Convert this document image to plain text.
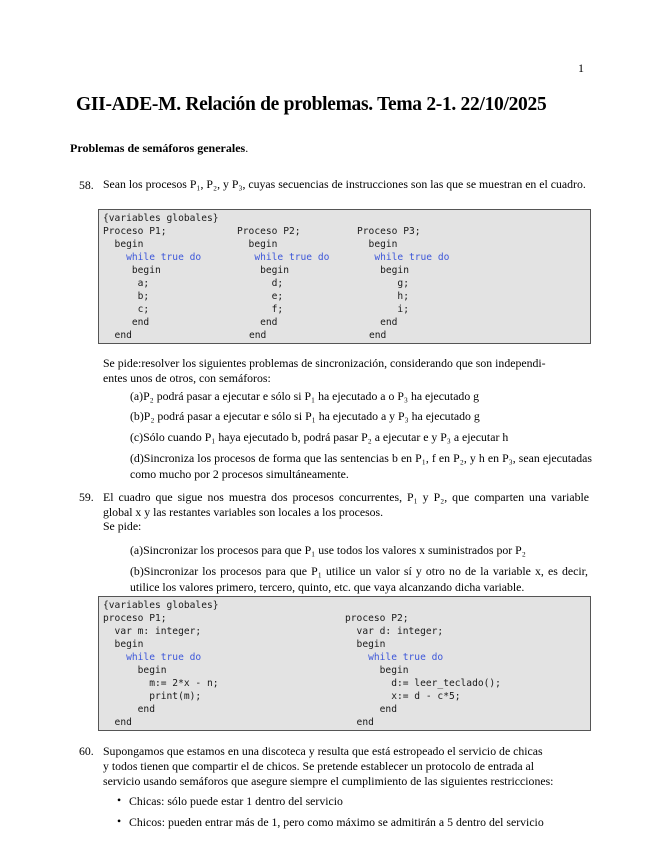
1
GII-ADE-M. Relación de problemas. Tema 2-1. 22/10/2025
Problemas de semáforos generales.
58. Sean los procesos P₁, P₂, y P₃, cuyas secuencias de instrucciones son las que se muestran en el cuadro.
{variables globales}
Proceso P1;
begin
while true do
begin
a;
b;
c;
end
end
Proceso P2;
begin
while true do
begin
d;
e;
f;
end
end
Proceso P3;
begin
while true do
begin
g;
h;
i;
end
end
Se pide:resolver los siguientes problemas de sincronización, considerando que son independi-
entes unos de otros, con semáforos:
(a)P₂ podrá pasar a ejecutar e sólo si P₁ ha ejecutado a o P₃ ha ejecutado g
(b)P₂ podrá pasar a ejecutar e sólo si P₁ ha ejecutado a y P₃ ha ejecutado g
(c)Sólo cuando P₁ haya ejecutado b, podrá pasar P₂ a ejecutar e y P₃ a ejecutar h
(d)Sincroniza los procesos de forma que las sentencias b en P₁, f en P₂, y h en P₃, sean ejecutadas como mucho por 2 procesos simultáneamente.
59. El cuadro que sigue nos muestra dos procesos concurrentes, P₁ y P₂, que comparten una variable global x y las restantes variables son locales a los procesos.
Se pide:
(a)Sincronizar los procesos para que P₁ use todos los valores x suministrados por P₂
(b)Sincronizar los procesos para que P₁ utilice un valor sí y otro no de la variable x, es decir, utilice los valores primero, tercero, quinto, etc. que vaya alcanzando dicha variable.
{variables globales}
proceso P1;
var m: integer;
begin
while true do
begin
m:= 2*x - n;
print(m);
end
end
proceso P2;
var d: integer;
begin
while true do
begin
d:= leer_teclado();
x:= d - c*5;
end
end
60. Supongamos que estamos en una discoteca y resulta que está estropeado el servicio de chicas
y todos tienen que compartir el de chicos. Se pretende establecer un protocolo de entrada al
servicio usando semáforos que asegure siempre el cumplimiento de las siguientes restricciones:
• Chicas: sólo puede estar 1 dentro del servicio
• Chicos: pueden entrar más de 1, pero como máximo se admitirán a 5 dentro del servicio
